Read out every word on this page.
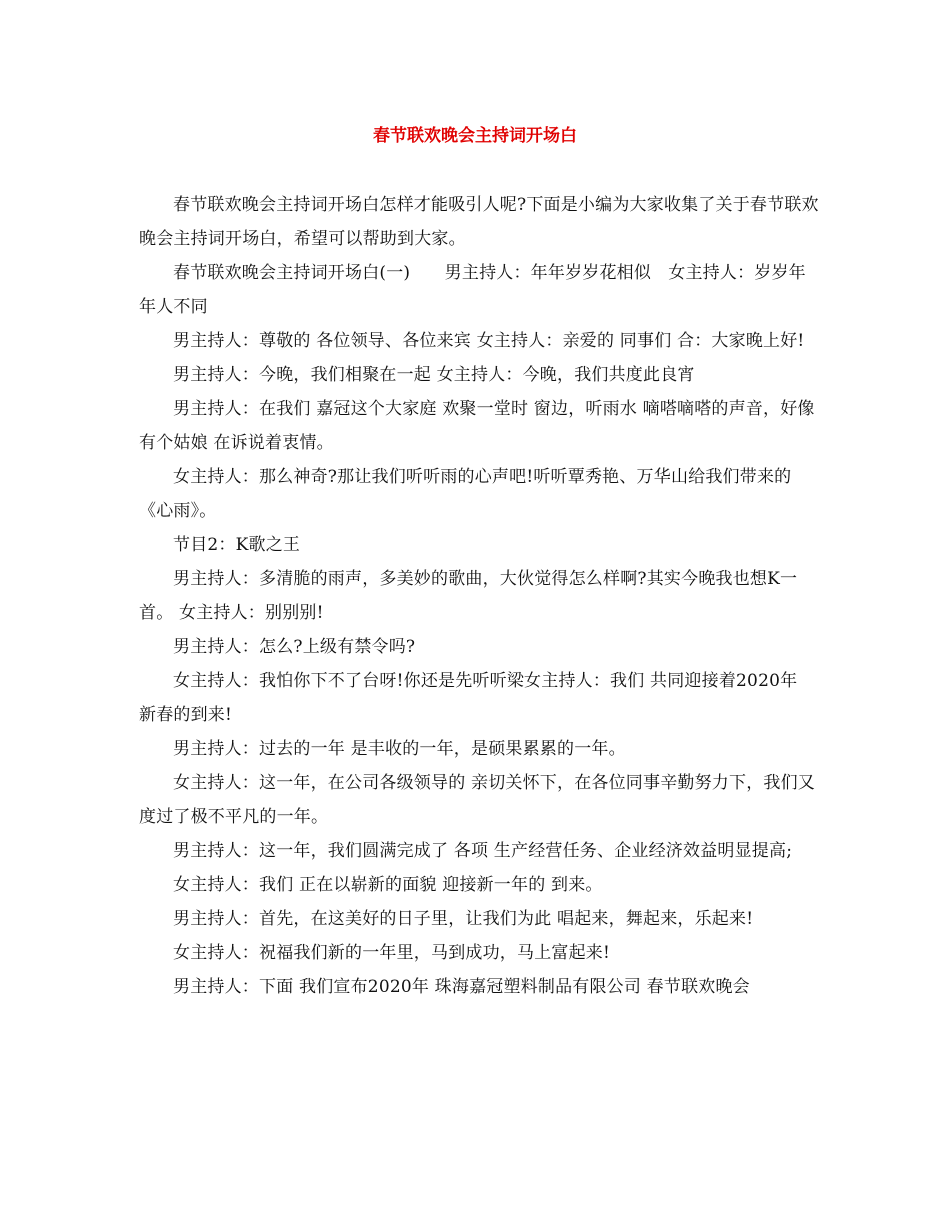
春节联欢晚会主持词开场白

春节联欢晚会主持词开场白怎样才能吸引人呢?下面是小编为大家收集了关于春节联欢晚会主持词开场白，希望可以帮助到大家。

春节联欢晚会主持词开场白(一)　　男主持人：年年岁岁花相似　女主持人：岁岁年年人不同

男主持人：尊敬的 各位领导、各位来宾 女主持人：亲爱的 同事们 合：大家晚上好!

男主持人：今晚，我们相聚在一起 女主持人：今晚，我们共度此良宵

男主持人：在我们 嘉冠这个大家庭 欢聚一堂时 窗边，听雨水 嘀嗒嘀嗒的声音，好像有个姑娘 在诉说着衷情。

女主持人：那么神奇?那让我们听听雨的心声吧!听听覃秀艳、万华山给我们带来的《心雨》。

节目2：K歌之王

男主持人：多清脆的雨声，多美妙的歌曲，大伙觉得怎么样啊?其实今晚我也想K一首。 女主持人：别别别!

男主持人：怎么?上级有禁令吗?

女主持人：我怕你下不了台呀!你还是先听听梁女主持人：我们 共同迎接着2020年 新春的到来!

男主持人：过去的一年 是丰收的一年，是硕果累累的一年。

女主持人：这一年，在公司各级领导的 亲切关怀下，在各位同事辛勤努力下，我们又度过了极不平凡的一年。

男主持人：这一年，我们圆满完成了 各项 生产经营任务、企业经济效益明显提高;

女主持人：我们 正在以崭新的面貌 迎接新一年的 到来。

男主持人：首先，在这美好的日子里，让我们为此 唱起来，舞起来，乐起来!

女主持人：祝福我们新的一年里，马到成功，马上富起来!

男主持人：下面 我们宣布2020年 珠海嘉冠塑料制品有限公司 春节联欢晚会
